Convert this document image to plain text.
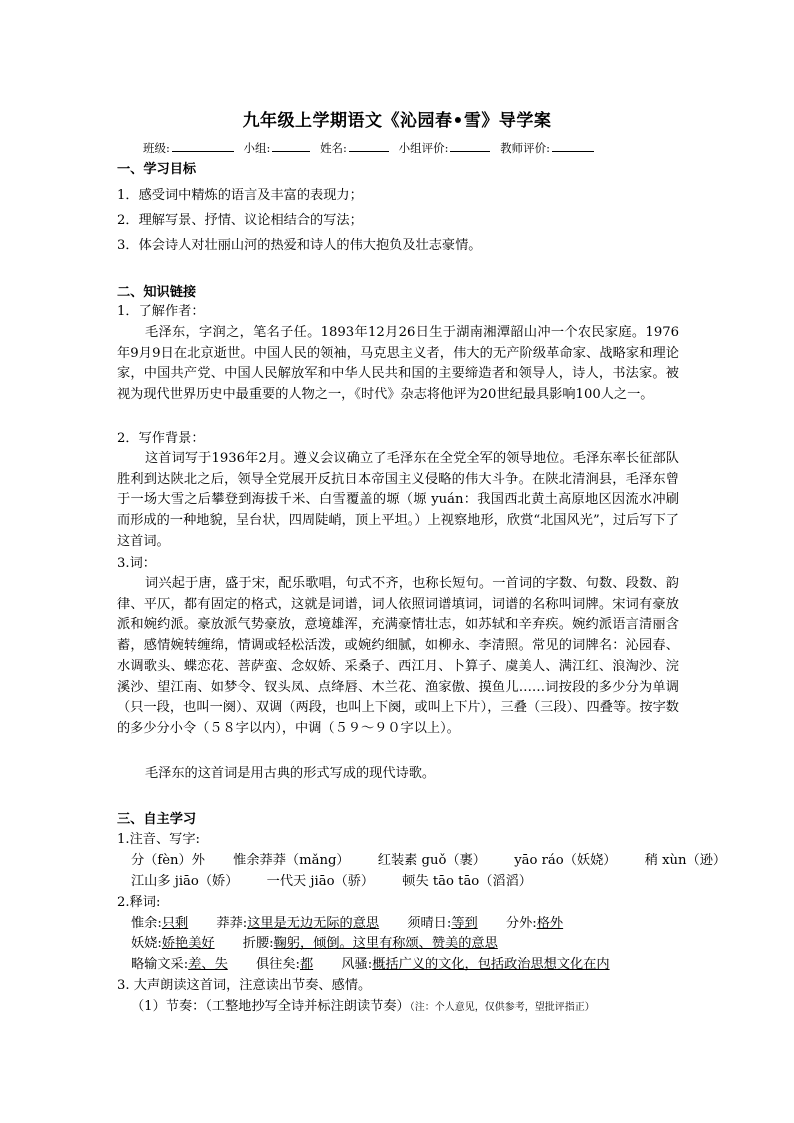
九年级上学期语文《沁园春•雪》导学案
班级:	小组:	姓名:	小组评价:	教师评价:
一、学习目标
1．感受词中精炼的语言及丰富的表现力；
2．理解写景、抒情、议论相结合的写法；
3．体会诗人对壮丽山河的热爱和诗人的伟大抱负及壮志豪情。
二、知识链接
1．了解作者：
毛泽东，字润之，笔名子任。1893年12月26日生于湖南湘潭韶山冲一个农民家庭。1976年9月9日在北京逝世。中国人民的领袖，马克思主义者，伟大的无产阶级革命家、战略家和理论家，中国共产党、中国人民解放军和中华人民共和国的主要缔造者和领导人，诗人，书法家。被视为现代世界历史中最重要的人物之一，《时代》杂志将他评为20世纪最具影响100人之一。
2．写作背景：
这首词写于1936年2月。遵义会议确立了毛泽东在全党全军的领导地位。毛泽东率长征部队胜利到达陕北之后，领导全党展开反抗日本帝国主义侵略的伟大斗争。在陕北清涧县，毛泽东曾于一场大雪之后攀登到海拔千米、白雪覆盖的塬（塬 yuán：我国西北黄土高原地区因流水冲刷而形成的一种地貌，呈台状，四周陡峭，顶上平坦。）上视察地形，欣赏“北国风光”，过后写下了这首词。
3.词：
词兴起于唐，盛于宋，配乐歌唱，句式不齐，也称长短句。一首词的字数、句数、段数、韵律、平仄，都有固定的格式，这就是词谱，词人依照词谱填词，词谱的名称叫词牌。宋词有豪放派和婉约派。豪放派气势豪放，意境雄浑，充满豪情壮志，如苏轼和辛弃疾。婉约派语言清丽含蓄，感情婉转缠绵，情调或轻松活泼，或婉约细腻，如柳永、李清照。常见的词牌名：沁园春、水调歌头、蝶恋花、菩萨蛮、念奴娇、采桑子、西江月、卜算子、虞美人、满江红、浪淘沙、浣溪沙、望江南、如梦令、钗头凤、点绛唇、木兰花、渔家傲、摸鱼儿……词按段的多少分为单调（只一段，也叫一阕）、双调（两段，也叫上下阕，或叫上下片），三叠（三段）、四叠等。按字数的多少分小令（５８字以内），中调（５９～９０字以上）。
毛泽东的这首词是用古典的形式写成的现代诗歌。
三、自主学习
1.注音、写字:
分（fèn）外 惟余莽莽（mǎng） 红装素 guǒ（裹） yāo ráo（妖娆） 稍 xùn（逊）
江山多 jiāo（娇） 一代天 jiāo（骄） 顿失 tāo tāo（滔滔）
2.释词:
惟余:只剩 莽莽:这里是无边无际的意思 须晴日:等到 分外:格外
妖娆:娇艳美好 折腰:鞠躬，倾倒。这里有称颂、赞美的意思
略输文采:差、失 俱往矣:都 风骚:概括广义的文化，包括政治思想文化在内
3. 大声朗读这首词，注意读出节奏、感情。
（1）节奏：（工整地抄写全诗并标注朗读节奏）（注：个人意见，仅供参考，望批评指正）
